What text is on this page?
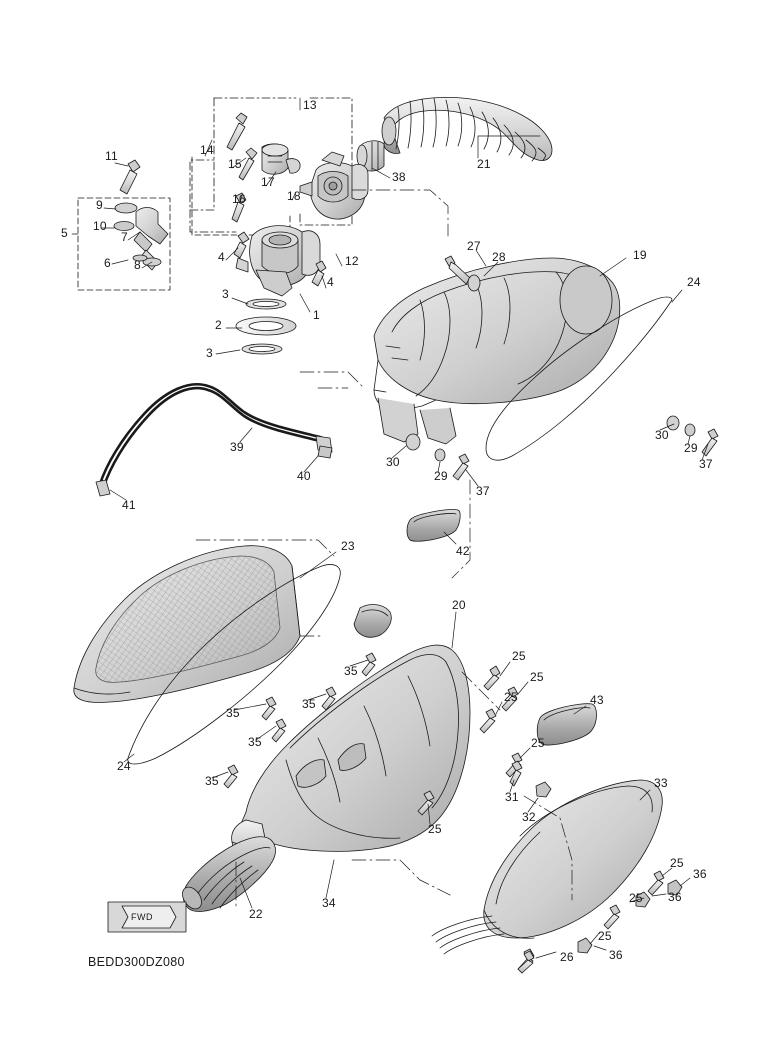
13
21
11	14
15
38
17
9	16	18
10
5	7
27
19
28
24
6 8
4	12
3
1
4
2
3
30
29
37
39
40
30
29
37
41
42
23
20
25
25
35
35
35
25	43
35	25
24
33
35
31
32
25
25
36
22
34	25 36
25
36
26
FWD
BEDD300DZ080
